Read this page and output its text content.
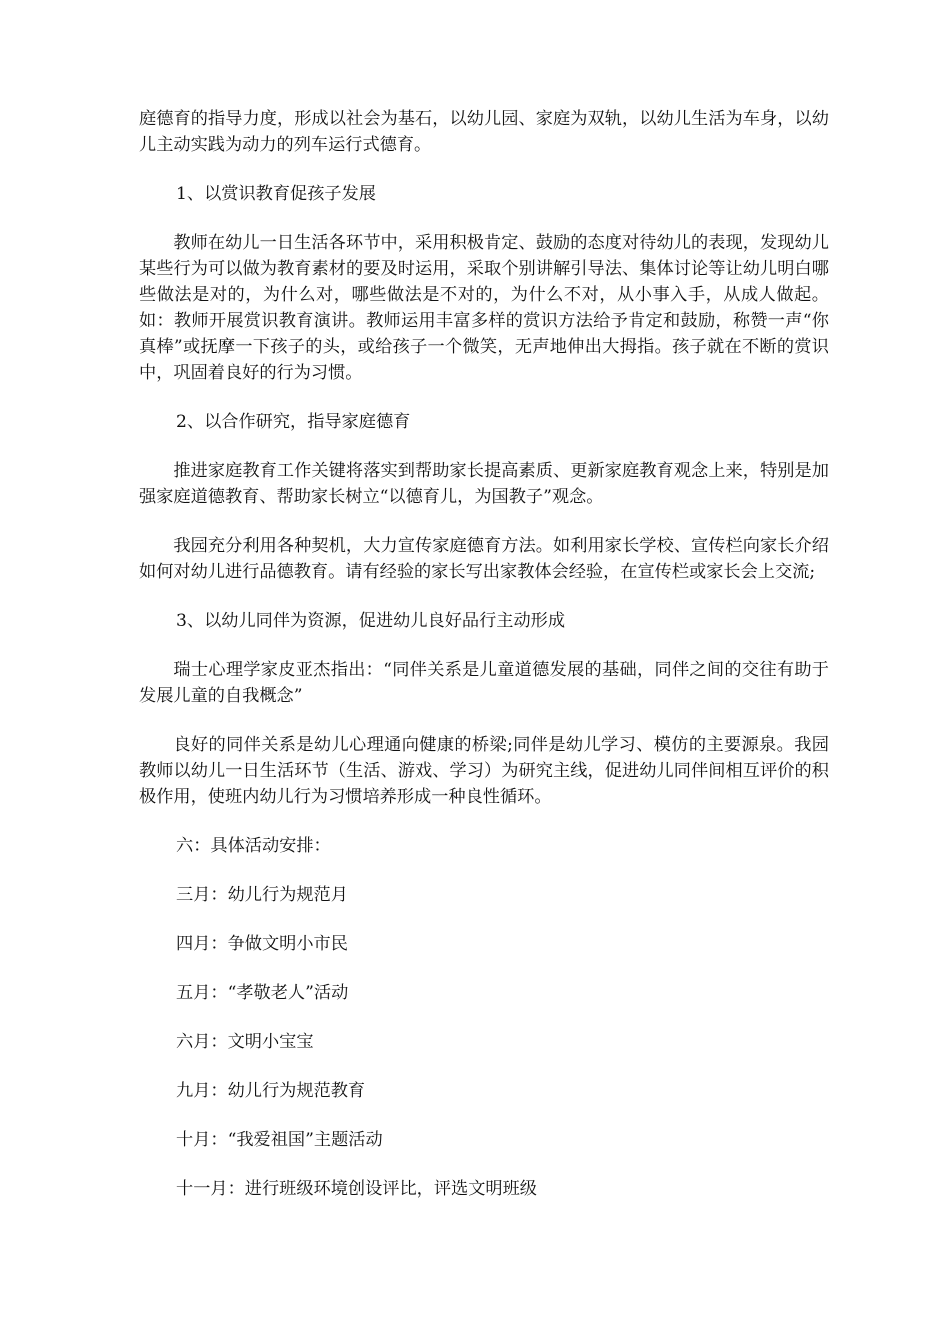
庭德育的指导力度，形成以社会为基石，以幼儿园、家庭为双轨，以幼儿生活为车身，以幼儿主动实践为动力的列车运行式德育。

1、以赏识教育促孩子发展

教师在幼儿一日生活各环节中，采用积极肯定、鼓励的态度对待幼儿的表现，发现幼儿某些行为可以做为教育素材的要及时运用，采取个别讲解引导法、集体讨论等让幼儿明白哪些做法是对的，为什么对，哪些做法是不对的，为什么不对，从小事入手，从成人做起。如：教师开展赏识教育演讲。教师运用丰富多样的赏识方法给予肯定和鼓励，称赞一声“你真棒”或抚摩一下孩子的头，或给孩子一个微笑，无声地伸出大拇指。孩子就在不断的赏识中，巩固着良好的行为习惯。

2、以合作研究，指导家庭德育

推进家庭教育工作关键将落实到帮助家长提高素质、更新家庭教育观念上来，特别是加强家庭道德教育、帮助家长树立“以德育儿，为国教子”观念。

我园充分利用各种契机，大力宣传家庭德育方法。如利用家长学校、宣传栏向家长介绍如何对幼儿进行品德教育。请有经验的家长写出家教体会经验，在宣传栏或家长会上交流;

3、以幼儿同伴为资源，促进幼儿良好品行主动形成

瑞士心理学家皮亚杰指出：“同伴关系是儿童道德发展的基础，同伴之间的交往有助于发展儿童的自我概念”

良好的同伴关系是幼儿心理通向健康的桥梁;同伴是幼儿学习、模仿的主要源泉。我园教师以幼儿一日生活环节（生活、游戏、学习）为研究主线，促进幼儿同伴间相互评价的积极作用，使班内幼儿行为习惯培养形成一种良性循环。

六：具体活动安排：

三月：幼儿行为规范月

四月：争做文明小市民

五月：“孝敬老人”活动

六月：文明小宝宝

九月：幼儿行为规范教育

十月：“我爱祖国”主题活动

十一月：进行班级环境创设评比，评选文明班级
